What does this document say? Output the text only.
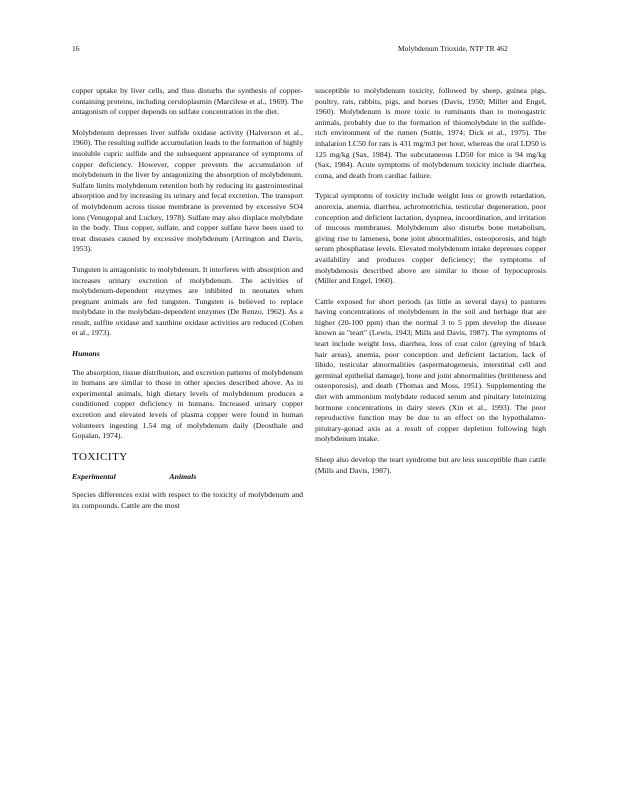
16	Molybdenum Trioxide, NTP TR 462

copper uptake by liver cells, and thus disturbs the synthesis of copper-containing proteins, including ceruloplasmin (Marcilese et al., 1969). The antagonism of copper depends on sulfate concentration in the diet.

Molybdenum depresses liver sulfide oxidase activity (Halverson et al., 1960). The resulting sulfide accumulation leads to the formation of highly insoluble cupric sulfide and the subsequent appearance of symptoms of copper deficiency. However, copper prevents the accumulation of molybdenum in the liver by antagonizing the absorption of molybdenum. Sulfate limits molybdenum retention both by reducing its gastrointestinal absorption and by increasing its urinary and fecal excretion. The transport of molybdenum across tissue membrane is prevented by excessive SO4 ions (Venugopal and Luckey, 1978). Sulfate may also displace molybdate in the body. Thus copper, sulfate, and copper sulfate have been used to treat diseases caused by excessive molybdenum (Arrington and Davis, 1953).

Tungsten is antagonistic to molybdenum. It interferes with absorption and increases urinary excretion of molybdenum. The activities of molybdenum-dependent enzymes are inhibited in neonates when pregnant animals are fed tungsten. Tungsten is believed to replace molybdate in the molybdate-dependent enzymes (De Renzo, 1962). As a result, sulfite oxidase and xanthine oxidase activities are reduced (Cohen et al., 1973).

Humans

The absorption, tissue distribution, and excretion patterns of molybdenum in humans are similar to those in other species described above. As in experimental animals, high dietary levels of molybdenum produces a conditioned copper deficiency in humans. Increased urinary copper excretion and elevated levels of plasma copper were found in human volunteers ingesting 1.54 mg of molybdenum daily (Deosthale and Gopalan, 1974).

TOXICITY

Experimental Animals

Species differences exist with respect to the toxicity of molybdenum and its compounds. Cattle are the most

susceptible to molybdenum toxicity, followed by sheep, guinea pigs, poultry, rats, rabbits, pigs, and horses (Davis, 1950; Miller and Engel, 1960). Molybdenum is more toxic to ruminants than to monogastric animals, probably due to the formation of thiomolybdate in the sulfide-rich environment of the rumen (Suttle, 1974; Dick et al., 1975). The inhalation LC50 for rats is 431 mg/m3 per hour, whereas the oral LD50 is 125 mg/kg (Sax, 1984). The subcutaneous LD50 for mice is 94 mg/kg (Sax, 1984). Acute symptoms of molybdenum toxicity include diarrhea, coma, and death from cardiac failure.

Typical symptoms of toxicity include weight loss or growth retardation, anorexia, anemia, diarrhea, achromotrichia, testicular degeneration, poor conception and deficient lactation, dyspnea, incoordination, and irritation of mucous membranes. Molybdenum also disturbs bone metabolism, giving rise to lameness, bone joint abnormalities, osteoporosis, and high serum phosphatase levels. Elevated molybdenum intake depresses copper availability and produces copper deficiency; the symptoms of molybdenosis described above are similar to those of hypocuprosis (Miller and Engel, 1960).

Cattle exposed for short periods (as little as several days) to pastures having concentrations of molybdenum in the soil and herbage that are higher (20-100 ppm) than the normal 3 to 5 ppm develop the disease known as "teart" (Lewis, 1943; Mills and Davis, 1987). The symptoms of teart include weight loss, diarrhea, loss of coat color (greying of black hair areas), anemia, poor conception and deficient lactation, lack of libido, testicular abnormalities (aspermatogenesis, interstitial cell and germinal epithelial damage), bone and joint abnormalities (brittleness and osteoporosis), and death (Thomas and Moss, 1951). Supplementing the diet with ammonium molybdate reduced serum and pituitary luteinizing hormone concentrations in dairy steers (Xin et al., 1993). The poor reproductive function may be due to an effect on the hypothalamo-pituitary-gonad axis as a result of copper depletion following high molybdenum intake.

Sheep also develop the teart syndrome but are less susceptible than cattle (Mills and Davis, 1987).
